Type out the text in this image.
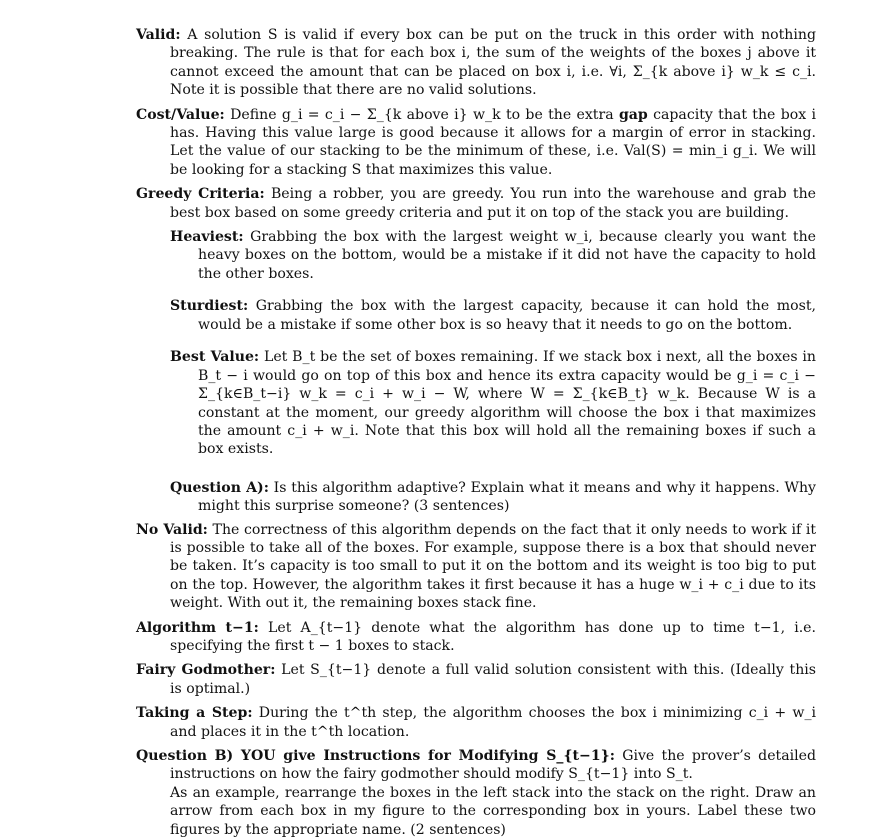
Valid: A solution S is valid if every box can be put on the truck in this order with nothing breaking. The rule is that for each box i, the sum of the weights of the boxes j above it cannot exceed the amount that can be placed on box i, i.e. ∀i, Σ_{k above i} w_k ≤ c_i. Note it is possible that there are no valid solutions.

Cost/Value: Define g_i = c_i − Σ_{k above i} w_k to be the extra gap capacity that the box i has. Having this value large is good because it allows for a margin of error in stacking. Let the value of our stacking to be the minimum of these, i.e. Val(S) = min_i g_i. We will be looking for a stacking S that maximizes this value.

Greedy Criteria: Being a robber, you are greedy. You run into the warehouse and grab the best box based on some greedy criteria and put it on top of the stack you are building.

Heaviest: Grabbing the box with the largest weight w_i, because clearly you want the heavy boxes on the bottom, would be a mistake if it did not have the capacity to hold the other boxes.

Sturdiest: Grabbing the box with the largest capacity, because it can hold the most, would be a mistake if some other box is so heavy that it needs to go on the bottom.

Best Value: Let B_t be the set of boxes remaining. If we stack box i next, all the boxes in B_t − i would go on top of this box and hence its extra capacity would be g_i = c_i − Σ_{k∈B_t−i} w_k = c_i + w_i − W, where W = Σ_{k∈B_t} w_k. Because W is a constant at the moment, our greedy algorithm will choose the box i that maximizes the amount c_i + w_i. Note that this box will hold all the remaining boxes if such a box exists.

Question A): Is this algorithm adaptive? Explain what it means and why it happens. Why might this surprise someone? (3 sentences)

No Valid: The correctness of this algorithm depends on the fact that it only needs to work if it is possible to take all of the boxes. For example, suppose there is a box that should never be taken. It’s capacity is too small to put it on the bottom and its weight is too big to put on the top. However, the algorithm takes it first because it has a huge w_i + c_i due to its weight. With out it, the remaining boxes stack fine.

Algorithm t−1: Let A_{t−1} denote what the algorithm has done up to time t−1, i.e. specifying the first t − 1 boxes to stack.

Fairy Godmother: Let S_{t−1} denote a full valid solution consistent with this. (Ideally this is optimal.)

Taking a Step: During the t^th step, the algorithm chooses the box i minimizing c_i + w_i and places it in the t^th location.

Question B) YOU give Instructions for Modifying S_{t−1}: Give the prover’s detailed instructions on how the fairy godmother should modify S_{t−1} into S_t.
As an example, rearrange the boxes in the left stack into the stack on the right. Draw an arrow from each box in my figure to the corresponding box in yours. Label these two figures by the appropriate name. (2 sentences)
